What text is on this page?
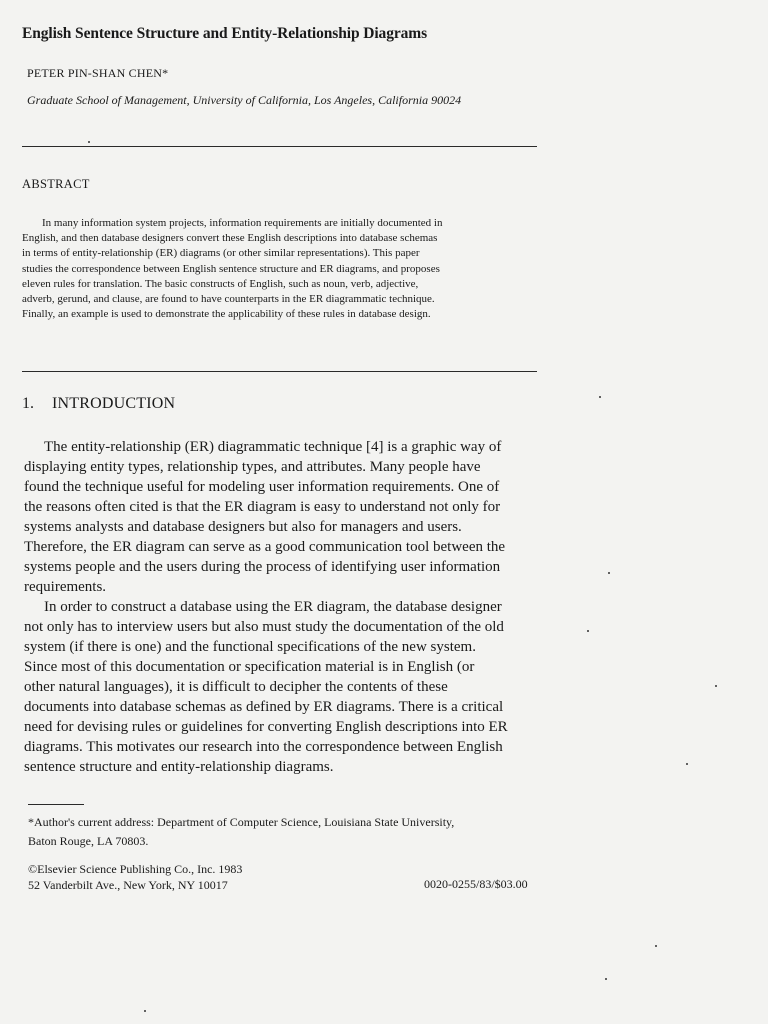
English Sentence Structure and Entity-Relationship Diagrams
PETER PIN-SHAN CHEN*
Graduate School of Management, University of California, Los Angeles, California 90024
ABSTRACT
In many information system projects, information requirements are initially documented in
English, and then database designers convert these English descriptions into database schemas
in terms of entity-relationship (ER) diagrams (or other similar representations). This paper
studies the correspondence between English sentence structure and ER diagrams, and proposes
eleven rules for translation. The basic constructs of English, such as noun, verb, adjective,
adverb, gerund, and clause, are found to have counterparts in the ER diagrammatic technique.
Finally, an example is used to demonstrate the applicability of these rules in database design.
1. INTRODUCTION
The entity-relationship (ER) diagrammatic technique [4] is a graphic way of
displaying entity types, relationship types, and attributes. Many people have
found the technique useful for modeling user information requirements. One of
the reasons often cited is that the ER diagram is easy to understand not only for
systems analysts and database designers but also for managers and users.
Therefore, the ER diagram can serve as a good communication tool between the
systems people and the users during the process of identifying user information
requirements.
In order to construct a database using the ER diagram, the database designer
not only has to interview users but also must study the documentation of the old
system (if there is one) and the functional specifications of the new system.
Since most of this documentation or specification material is in English (or
other natural languages), it is difficult to decipher the contents of these
documents into database schemas as defined by ER diagrams. There is a critical
need for devising rules or guidelines for converting English descriptions into ER
diagrams. This motivates our research into the correspondence between English
sentence structure and entity-relationship diagrams.
*Author's current address: Department of Computer Science, Louisiana State University,
Baton Rouge, LA 70803.
©Elsevier Science Publishing Co., Inc. 1983
52 Vanderbilt Ave., New York, NY 10017	0020-0255/83/$03.00
